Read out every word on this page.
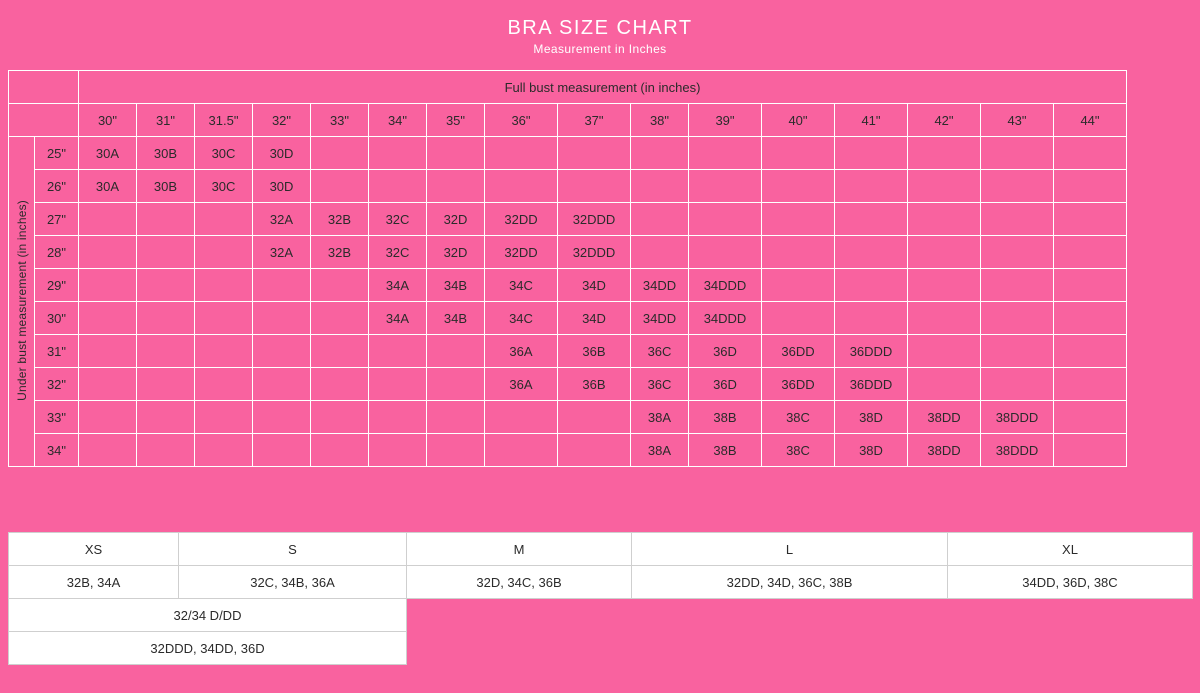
BRA SIZE CHART
Measurement in Inches
		Full bust measurement (in inches)															
		30"	31"	31.5"	32"	33"	34"	35"	36"	37"	38"	39"	40"	41"	42"	43"	44"
Under bust measurement (in inches)	25"	30A	30B	30C	30D												
	26"	30A	30B	30C	30D												
	27"				32A	32B	32C	32D	32DD	32DDD							
	28"				32A	32B	32C	32D	32DD	32DDD							
	29"						34A	34B	34C	34D	34DD	34DDD					
	30"						34A	34B	34C	34D	34DD	34DDD					
	31"								36A	36B	36C	36D	36DD	36DDD			
	32"								36A	36B	36C	36D	36DD	36DDD			
	33"										38A	38B	38C	38D	38DD	38DDD	
	34"										38A	38B	38C	38D	38DD	38DDD	
XS	S	M	L	XL
32B, 34A	32C, 34B, 36A	32D, 34C, 36B	32DD, 34D, 36C, 38B	34DD, 36D, 38C
32/34 D/DD				
32DDD, 34DD, 36D				
